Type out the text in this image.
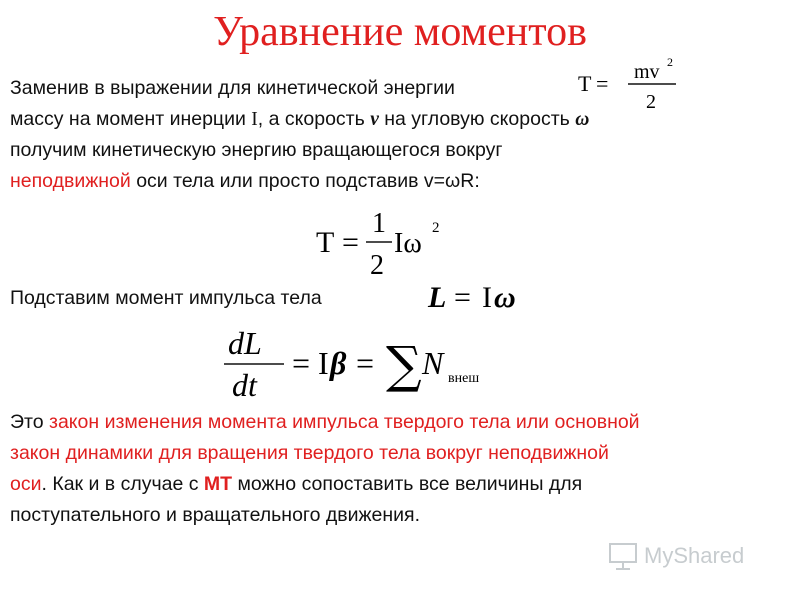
Уравнение моментов
Заменив в выражении для кинетической энергии
массу на момент инерции I, а скорость v на угловую скорость ω
получим кинетическую энергию вращающегося вокруг
неподвижной оси тела или просто подставив v=ωR:
T = mv 2
2
T =
1
2
Iω 2
Подставим момент импульса тела	L = I ω
dL
dt
= I β = ∑ N внеш
Это закон изменения момента импульса твердого тела или основной
закон динамики для вращения твердого тела вокруг неподвижной
оси. Как и в случае с МТ можно сопоставить все величины для
поступательного и вращательного движения.
MyShared
